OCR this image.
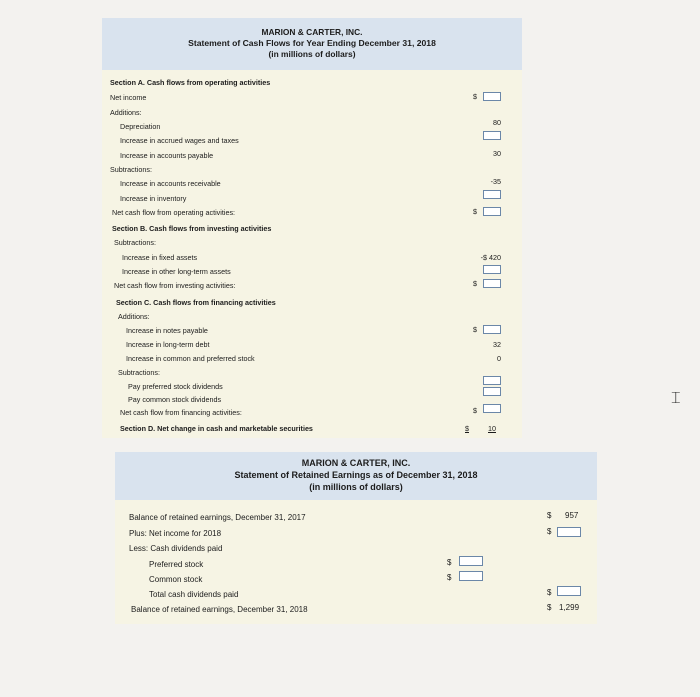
MARION & CARTER, INC.
Statement of Cash Flows for Year Ending December 31, 2018
(in millions of dollars)
Section A. Cash flows from operating activities
Net income	$
Additions:
Depreciation	80
Increase in accrued wages and taxes
Increase in accounts payable	30
Subtractions:
Increase in accounts receivable	-35
Increase in inventory
Net cash flow from operating activities:	$
Section B. Cash flows from investing activities
Subtractions:
Increase in fixed assets	-$ 420
Increase in other long-term assets
Net cash flow from investing activities:	$
Section C. Cash flows from financing activities
Additions:
Increase in notes payable	$
Increase in long-term debt	32
Increase in common and preferred stock	0
Subtractions:
Pay preferred stock dividends
Pay common stock dividends
Net cash flow from financing activities:	$
Section D. Net change in cash and marketable securities	$	10
MARION & CARTER, INC.
Statement of Retained Earnings as of December 31, 2018
(in millions of dollars)
Balance of retained earnings, December 31, 2017	$ 957
Plus: Net income for 2018	$
Less: Cash dividends paid
Preferred stock	$
Common stock	$
Total cash dividends paid	$
Balance of retained earnings, December 31, 2018	$ 1,299
⌶
